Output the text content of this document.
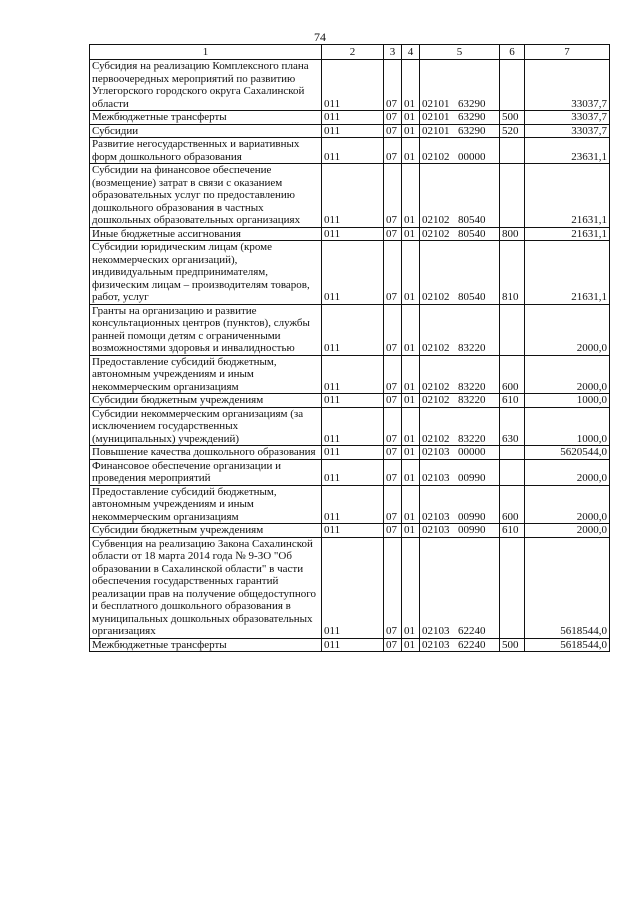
74
1	2	3	4	5	6	7
Субсидия на реализацию Комплексного плана первоочередных мероприятий по развитию Углегорского городского округа Сахалинской области	011	07	01	02101 63290		33037,7
Межбюджетные трансферты	011	07	01	02101 63290	500	33037,7
Субсидии	011	07	01	02101 63290	520	33037,7
Развитие негосударственных и вариативных форм дошкольного образования	011	07	01	02102 00000		23631,1
Субсидии на финансовое обеспечение (возмещение) затрат в связи с оказанием образовательных услуг по предоставлению дошкольного образования в частных дошкольных образовательных организациях	011	07	01	02102 80540		21631,1
Иные бюджетные ассигнования	011	07	01	02102 80540	800	21631,1
Субсидии юридическим лицам (кроме некоммерческих организаций), индивидуальным предпринимателям, физическим лицам – производителям товаров, работ, услуг	011	07	01	02102 80540	810	21631,1
Гранты на организацию и развитие консультационных центров (пунктов), службы ранней помощи детям с ограниченными возможностями здоровья и инвалидностью	011	07	01	02102 83220		2000,0
Предоставление субсидий бюджетным, автономным учреждениям и иным некоммерческим организациям	011	07	01	02102 83220	600	2000,0
Субсидии бюджетным учреждениям	011	07	01	02102 83220	610	1000,0
Субсидии некоммерческим организациям (за исключением государственных (муниципальных) учреждений)	011	07	01	02102 83220	630	1000,0
Повышение качества дошкольного образования	011	07	01	02103 00000		5620544,0
Финансовое обеспечение организации и проведения мероприятий	011	07	01	02103 00990		2000,0
Предоставление субсидий бюджетным, автономным учреждениям и иным некоммерческим организациям	011	07	01	02103 00990	600	2000,0
Субсидии бюджетным учреждениям	011	07	01	02103 00990	610	2000,0
Субвенция на реализацию Закона Сахалинской области от 18 марта 2014 года № 9-ЗО "Об образовании в Сахалинской области" в части обеспечения государственных гарантий реализации прав на получение общедоступного и бесплатного дошкольного образования в муниципальных дошкольных образовательных организациях	011	07	01	02103 62240		5618544,0
Межбюджетные трансферты	011	07	01	02103 62240	500	5618544,0
